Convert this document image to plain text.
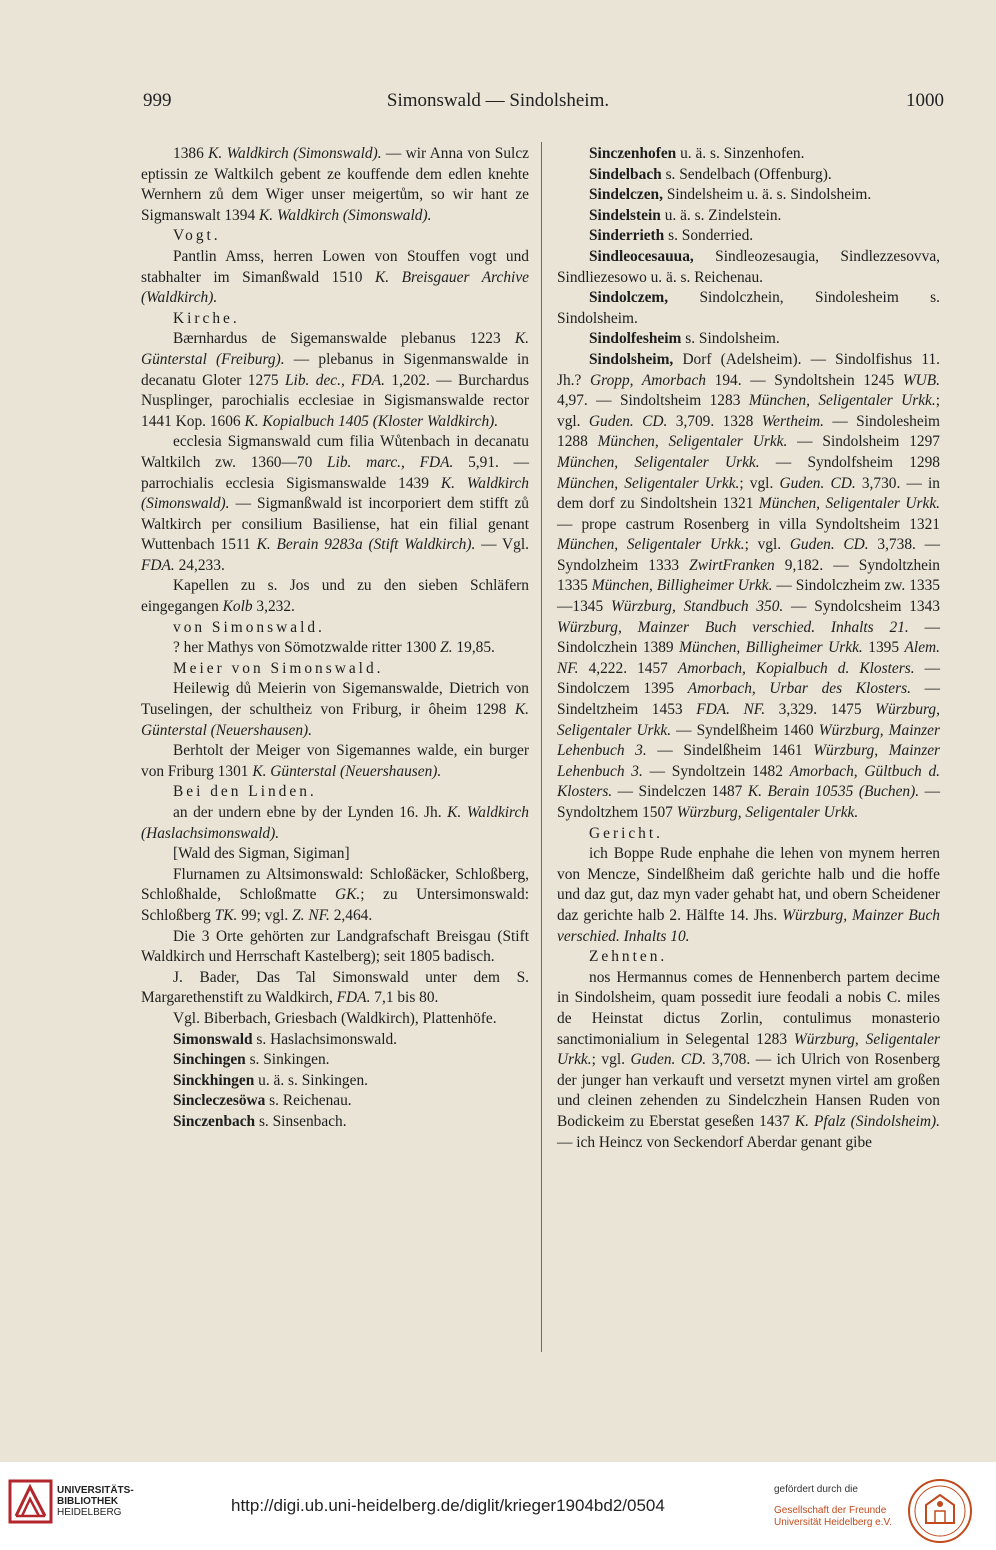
999	Simonswald — Sindolsheim.	1000

1386 K. Waldkirch (Simonswald). — wir Anna von Sulcz eptissin ze Waltkilch gebent ze kouffende dem edlen knehte Wernhern zů dem Wiger unser meigertům, so wir hant ze Sigmanswalt 1394 K. Waldkirch (Simonswald).

Vogt.

Pantlin Amss, herren Lowen von Stouffen vogt und stabhalter im Simanßwald 1510 K. Breisgauer Archive (Waldkirch).

Kirche.

Bærnhardus de Sigemanswalde plebanus 1223 K. Günterstal (Freiburg). — plebanus in Sigenmanswalde in decanatu Gloter 1275 Lib. dec., FDA. 1,202. — Burchardus Nusplinger, parochialis ecclesiae in Sigismanswalde rector 1441 Kop. 1606 K. Kopialbuch 1405 (Kloster Waldkirch).

ecclesia Sigmanswald cum filia Wůtenbach in decanatu Waltkilch zw. 1360—70 Lib. marc., FDA. 5,91. — parrochialis ecclesia Sigismanswalde 1439 K. Waldkirch (Simonswald). — Sigmanßwald ist incorporiert dem stifft zů Waltkirch per consilium Basiliense, hat ein filial genant Wuttenbach 1511 K. Berain 9283a (Stift Waldkirch). — Vgl. FDA. 24,233.

Kapellen zu s. Jos und zu den sieben Schläfern eingegangen Kolb 3,232.

von Simonswald.

? her Mathys von Sömotzwalde ritter 1300 Z. 19,85.

Meier von Simonswald.

Heilewig dů Meierin von Sigemanswalde, Dietrich von Tuselingen, der schultheiz von Friburg, ir ôheim 1298 K. Günterstal (Neuershausen).

Berhtolt der Meiger von Sigemannes walde, ein burger von Friburg 1301 K. Günterstal (Neuershausen).

Bei den Linden.

an der undern ebne by der Lynden 16. Jh. K. Waldkirch (Haslachsimonswald).

[Wald des Sigman, Sigiman]

Flurnamen zu Altsimonswald: Schloßäcker, Schloßberg, Schloßhalde, Schloßmatte GK.; zu Untersimonswald: Schloßberg TK. 99; vgl. Z. NF. 2,464.

Die 3 Orte gehörten zur Landgrafschaft Breisgau (Stift Waldkirch und Herrschaft Kastelberg); seit 1805 badisch.

J. Bader, Das Tal Simonswald unter dem S. Margarethenstift zu Waldkirch, FDA. 7,1 bis 80.

Vgl. Biberbach, Griesbach (Waldkirch), Plattenhöfe.

Simonswald s. Haslachsimonswald.

Sinchingen s. Sinkingen.

Sinckhingen u. ä. s. Sinkingen.

Sincleczesöwa s. Reichenau.

Sinczenbach s. Sinsenbach.

Sinczenhofen u. ä. s. Sinzenhofen.

Sindelbach s. Sendelbach (Offenburg).

Sindelczen, Sindelsheim u. ä. s. Sindolsheim.

Sindelstein u. ä. s. Zindelstein.

Sinderrieth s. Sonderried.

Sindleocesauua, Sindleozesaugia, Sindlezzesovva, Sindliezesowo u. ä. s. Reichenau.

Sindolczem, Sindolczhein, Sindolesheim s. Sindolsheim.

Sindolfesheim s. Sindolsheim.

Sindolsheim, Dorf (Adelsheim). — Sindolfishus 11. Jh.? Gropp, Amorbach 194. — Syndoltshein 1245 WUB. 4,97. — Sindoltsheim 1283 München, Seligentaler Urkk.; vgl. Guden. CD. 3,709. 1328 Wertheim. — Sindolesheim 1288 München, Seligentaler Urkk. — Sindolsheim 1297 München, Seligentaler Urkk. — Syndolfsheim 1298 München, Seligentaler Urkk.; vgl. Guden. CD. 3,730. — in dem dorf zu Sindoltshein 1321 München, Seligentaler Urkk. — prope castrum Rosenberg in villa Syndoltsheim 1321 München, Seligentaler Urkk.; vgl. Guden. CD. 3,738. — Syndolzheim 1333 ZwirtFranken 9,182. — Syndoltzhein 1335 München, Billigheimer Urkk. — Sindolczheim zw. 1335—1345 Würzburg, Standbuch 350. — Syndolcsheim 1343 Würzburg, Mainzer Buch verschied. Inhalts 21. — Sindolczhein 1389 München, Billigheimer Urkk. 1395 Alem. NF. 4,222. 1457 Amorbach, Kopialbuch d. Klosters. — Sindolczem 1395 Amorbach, Urbar des Klosters. — Sindeltzheim 1453 FDA. NF. 3,329. 1475 Würzburg, Seligentaler Urkk. — Syndelßheim 1460 Würzburg, Mainzer Lehenbuch 3. — Sindelßheim 1461 Würzburg, Mainzer Lehenbuch 3. — Syndoltzein 1482 Amorbach, Gültbuch d. Klosters. — Sindelczen 1487 K. Berain 10535 (Buchen). — Syndoltzhem 1507 Würzburg, Seligentaler Urkk.

Gericht.

ich Boppe Rude enphahe die lehen von mynem herren von Mencze, Sindelßheim daß gerichte halb und die hoffe und daz gut, daz myn vader gehabt hat, und obern Scheidener daz gerichte halb 2. Hälfte 14. Jhs. Würzburg, Mainzer Buch verschied. Inhalts 10.

Zehnten.

nos Hermannus comes de Hennenberch partem decime in Sindolsheim, quam possedit iure feodali a nobis C. miles de Heinstat dictus Zorlin, contulimus monasterio sanctimonialium in Selegental 1283 Würzburg, Seligentaler Urkk.; vgl. Guden. CD. 3,708. — ich Ulrich von Rosenberg der junger han verkauft und versetzt mynen virtel am großen und cleinen zehenden zu Sindelczhein Hansen Ruden von Bodickeim zu Eberstat geseßen 1437 K. Pfalz (Sindolsheim). — ich Heincz von Seckendorf Aberdar genant gibe

UNIVERSITÄTS-
BIBLIOTHEK
HEIDELBERG	http://digi.ub.uni-heidelberg.de/diglit/krieger1904bd2/0504
gefördert durch die
Gesellschaft der Freunde
Universität Heidelberg e.V.
